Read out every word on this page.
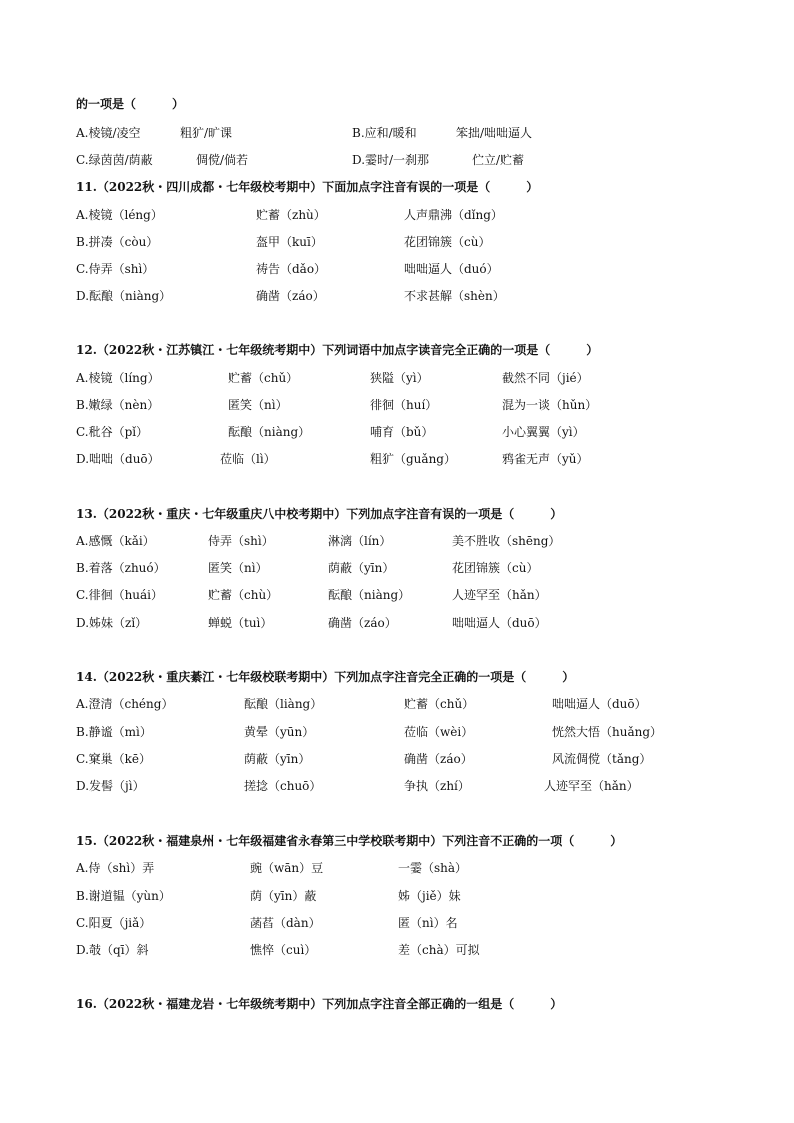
的一项是（　　　）
A.棱镜/凌空	粗犷/旷课	B.应和/暖和	笨拙/咄咄逼人
C.绿茵茵/荫蔽	倜傥/倘若	D.霎时/一刹那	伫立/贮蓄
11.（2022秋・四川成都・七年级校考期中）下面加点字注音有误的一项是（　　　）
A.棱镜（léng）	贮蓄（zhù）	人声鼎沸（dǐng）
B.拼凑（còu）	盔甲（kuī）	花团锦簇（cù）
C.侍弄（shì）	祷告（dǎo）	咄咄逼人（duó）
D.酝酿（niàng）	确凿（záo）	不求甚解（shèn）
12.（2022秋・江苏镇江・七年级统考期中）下列词语中加点字读音完全正确的一项是（　　　）
A.棱镜（líng）	贮蓄（chǔ）	狭隘（yì）	截然不同（jié）
B.嫩绿（nèn）	匿笑（nì）	徘徊（huí）	混为一谈（hǔn）
C.秕谷（pǐ）	酝酿（niàng）	哺育（bǔ）	小心翼翼（yì）
D.咄咄（duō）	莅临（lì）	粗犷（guǎng）	鸦雀无声（yǔ）
13.（2022秋・重庆・七年级重庆八中校考期中）下列加点字注音有误的一项是（　　　）
A.感慨（kǎi）	侍弄（shì）	淋漓（lín）	美不胜收（shēng）
B.着落（zhuó）	匿笑（nì）	荫蔽（yīn）	花团锦簇（cù）
C.徘徊（huái）	贮蓄（chù）	酝酿（niàng）	人迹罕至（hǎn）
D.姊妹（zǐ）	蝉蜕（tuì）	确凿（záo）	咄咄逼人（duō）
14.（2022秋・重庆綦江・七年级校联考期中）下列加点字注音完全正确的一项是（　　　）
A.澄清（chéng）	酝酿（liàng）	贮蓄（chǔ）	咄咄逼人（duō）
B.静谧（mì）	黄晕（yūn）	莅临（wèi）	恍然大悟（huǎng）
C.窠巢（kē）	荫蔽（yīn）	确凿（záo）	风流倜傥（tǎng）
D.发髻（jì）	搓捻（chuō）	争执（zhí）	人迹罕至（hǎn）
15.（2022秋・福建泉州・七年级福建省永春第三中学校联考期中）下列注音不正确的一项（　　　）
A.侍（shì）弄	豌（wān）豆	一霎（shà）
B.谢道韫（yùn）	荫（yīn）蔽	姊（jiě）妹
C.阳夏（jiǎ）	菡萏（dàn）	匿（nì）名
D.攲（qī）斜	憔悴（cuì）	差（chà）可拟
16.（2022秋・福建龙岩・七年级统考期中）下列加点字注音全部正确的一组是（　　　）
